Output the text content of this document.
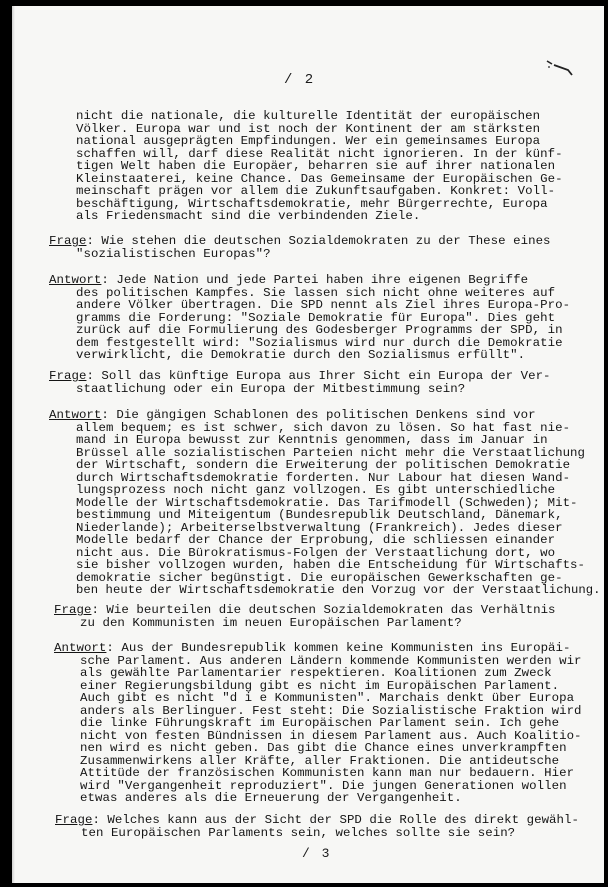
/ 2
nicht die nationale, die kulturelle Identität der europäischen
Völker. Europa war und ist noch der Kontinent der am stärksten
national ausgeprägten Empfindungen. Wer ein gemeinsames Europa
schaffen will, darf diese Realität nicht ignorieren. In der künf-
tigen Welt haben die Europäer, beharren sie auf ihrer nationalen
Kleinstaaterei, keine Chance. Das Gemeinsame der Europäischen Ge-
meinschaft prägen vor allem die Zukunftsaufgaben. Konkret: Voll-
beschäftigung, Wirtschaftsdemokratie, mehr Bürgerrechte, Europa
als Friedensmacht sind die verbindenden Ziele.
Frage: Wie stehen die deutschen Sozialdemokraten zu der These eines
"sozialistischen Europas"?
Antwort: Jede Nation und jede Partei haben ihre eigenen Begriffe
des politischen Kampfes. Sie lassen sich nicht ohne weiteres auf
andere Völker übertragen. Die SPD nennt als Ziel ihres Europa-Pro-
gramms die Forderung: "Soziale Demokratie für Europa". Dies geht
zurück auf die Formulierung des Godesberger Programms der SPD, in
dem festgestellt wird: "Sozialismus wird nur durch die Demokratie
verwirklicht, die Demokratie durch den Sozialismus erfüllt".
Frage: Soll das künftige Europa aus Ihrer Sicht ein Europa der Ver-
staatlichung oder ein Europa der Mitbestimmung sein?
Antwort: Die gängigen Schablonen des politischen Denkens sind vor
allem bequem; es ist schwer, sich davon zu lösen. So hat fast nie-
mand in Europa bewusst zur Kenntnis genommen, dass im Januar in
Brüssel alle sozialistischen Parteien nicht mehr die Verstaatlichung
der Wirtschaft, sondern die Erweiterung der politischen Demokratie
durch Wirtschaftsdemokratie forderten. Nur Labour hat diesen Wand-
lungsprozess noch nicht ganz vollzogen. Es gibt unterschiedliche
Modelle der Wirtschaftsdemokratie. Das Tarifmodell (Schweden); Mit-
bestimmung und Miteigentum (Bundesrepublik Deutschland, Dänemark,
Niederlande); Arbeiterselbstverwaltung (Frankreich). Jedes dieser
Modelle bedarf der Chance der Erprobung, die schliessen einander
nicht aus. Die Bürokratismus-Folgen der Verstaatlichung dort, wo
sie bisher vollzogen wurden, haben die Entscheidung für Wirtschafts-
demokratie sicher begünstigt. Die europäischen Gewerkschaften ge-
ben heute der Wirtschaftsdemokratie den Vorzug vor der Verstaatlichung.
Frage: Wie beurteilen die deutschen Sozialdemokraten das Verhältnis
zu den Kommunisten im neuen Europäischen Parlament?
Antwort: Aus der Bundesrepublik kommen keine Kommunisten ins Europäi-
sche Parlament. Aus anderen Ländern kommende Kommunisten werden wir
als gewählte Parlamentarier respektieren. Koalitionen zum Zweck
einer Regierungsbildung gibt es nicht im Europäischen Parlament.
Auch gibt es nicht "d i e Kommunisten". Marchais denkt über Europa
anders als Berlinguer. Fest steht: Die Sozialistische Fraktion wird
die linke Führungskraft im Europäischen Parlament sein. Ich gehe
nicht von festen Bündnissen in diesem Parlament aus. Auch Koalitio-
nen wird es nicht geben. Das gibt die Chance eines unverkrampften
Zusammenwirkens aller Kräfte, aller Fraktionen. Die antideutsche
Attitüde der französischen Kommunisten kann man nur bedauern. Hier
wird "Vergangenheit reproduziert". Die jungen Generationen wollen
etwas anderes als die Erneuerung der Vergangenheit.
Frage: Welches kann aus der Sicht der SPD die Rolle des direkt gewähl-
ten Europäischen Parlaments sein, welches sollte sie sein?
/ 3
